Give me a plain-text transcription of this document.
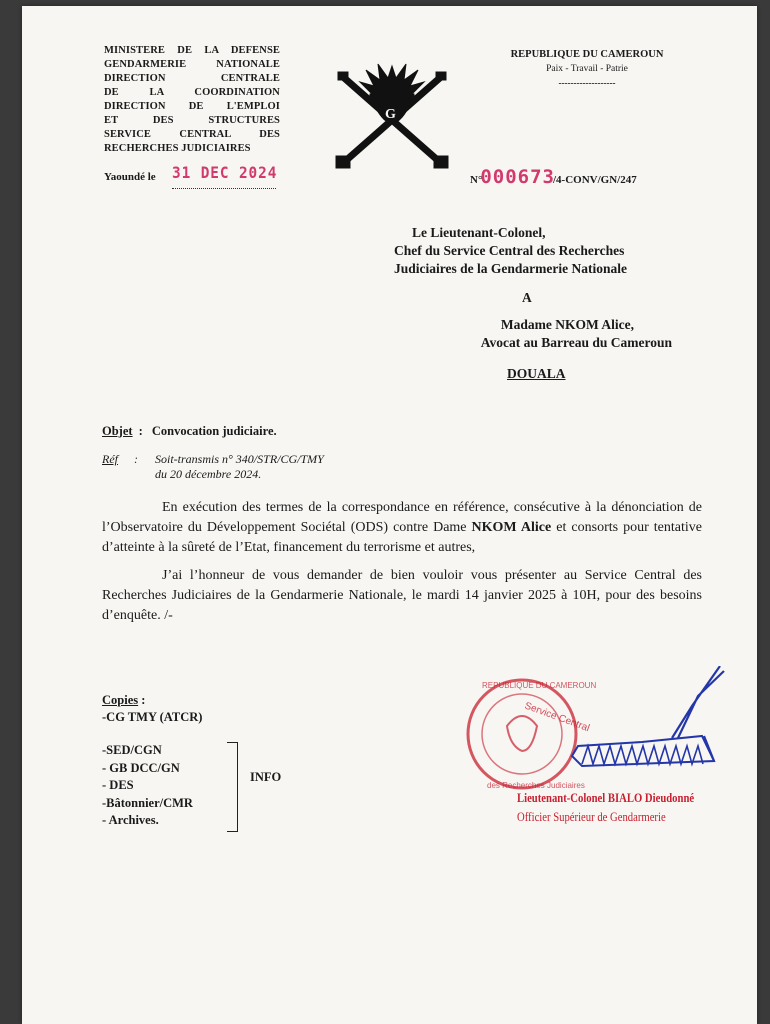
MINISTERE DE LA DEFENSE
GENDARMERIE NATIONALE
DIRECTION CENTRALE
DE LA COORDINATION
DIRECTION DE L'EMPLOI
ET DES STRUCTURES
SERVICE CENTRAL DES
RECHERCHES JUDICIAIRES
Yaoundé le 31 DEC 2024
G
REPUBLIQUE DU CAMEROUN
Paix - Travail - Patrie
-------------------
N°
000673
/4-CONV/GN/247
Le Lieutenant-Colonel,
Chef du Service Central des Recherches
Judiciaires de la Gendarmerie Nationale
A
Madame NKOM Alice,
Avocat au Barreau du Cameroun
DOUALA
Objet : Convocation judiciaire.
Réf : Soit-transmis n° 340/STR/CG/TMY
du 20 décembre 2024.

En exécution des termes de la correspondance en référence, consécutive à la dénonciation de l’Observatoire du Développement Sociétal (ODS) contre Dame NKOM Alice et consorts pour tentative d’atteinte à la sûreté de l’Etat, financement du terrorisme et autres,

J’ai l’honneur de vous demander de bien vouloir vous présenter au Service Central des Recherches Judiciaires de la Gendarmerie Nationale, le mardi 14 janvier 2025 à 10H, pour des besoins d’enquête. /-

Copies :
-CG TMY (ATCR)
-SED/CGN
- GB DCC/GN
- DES
-Bâtonnier/CMR
- Archives.
INFO
REPUBLIQUE DU CAMEROUN
Service Central
des Recherches Judiciaires
Lieutenant-Colonel BIALO Dieudonné
Officier Supérieur de Gendarmerie
